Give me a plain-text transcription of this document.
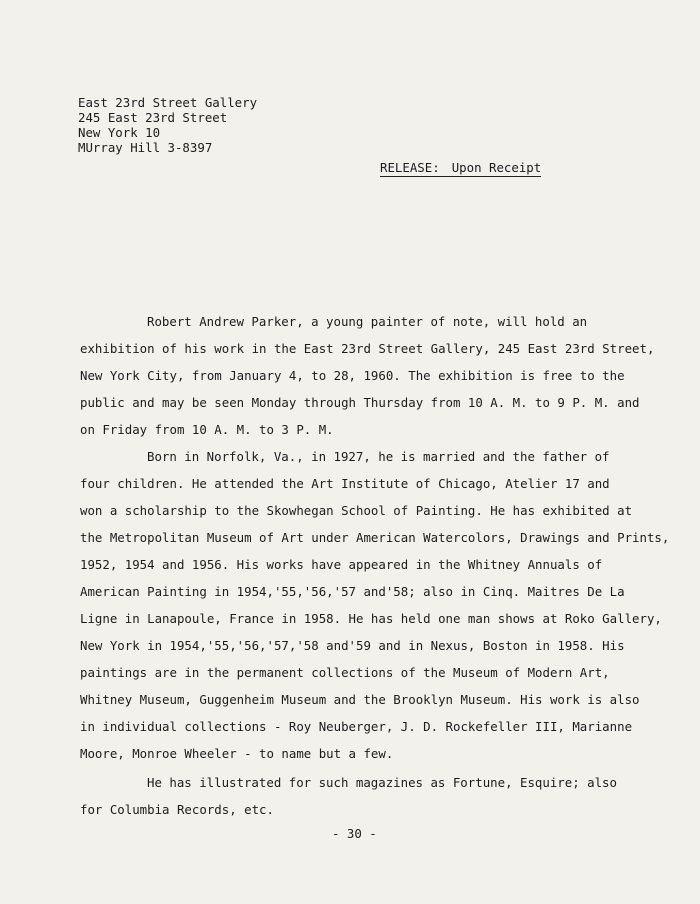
East 23rd Street Gallery
245 East 23rd Street
New York 10
MUrray Hill 3-8397
RELEASE: Upon Receipt
Robert Andrew Parker, a young painter of note, will hold an
exhibition of his work in the East 23rd Street Gallery, 245 East 23rd Street,
New York City, from January 4, to 28, 1960. The exhibition is free to the
public and may be seen Monday through Thursday from 10 A. M. to 9 P. M. and
on Friday from 10 A. M. to 3 P. M.
Born in Norfolk, Va., in 1927, he is married and the father of
four children. He attended the Art Institute of Chicago, Atelier 17 and
won a scholarship to the Skowhegan School of Painting. He has exhibited at
the Metropolitan Museum of Art under American Watercolors, Drawings and Prints,
1952, 1954 and 1956. His works have appeared in the Whitney Annuals of
American Painting in 1954,'55,'56,'57 and'58; also in Cinq. Maitres De La
Ligne in Lanapoule, France in 1958. He has held one man shows at Roko Gallery,
New York in 1954,'55,'56,'57,'58 and'59 and in Nexus, Boston in 1958. His
paintings are in the permanent collections of the Museum of Modern Art,
Whitney Museum, Guggenheim Museum and the Brooklyn Museum. His work is also
in individual collections - Roy Neuberger, J. D. Rockefeller III, Marianne
Moore, Monroe Wheeler - to name but a few.
He has illustrated for such magazines as Fortune, Esquire; also
for Columbia Records, etc.
- 30 -
